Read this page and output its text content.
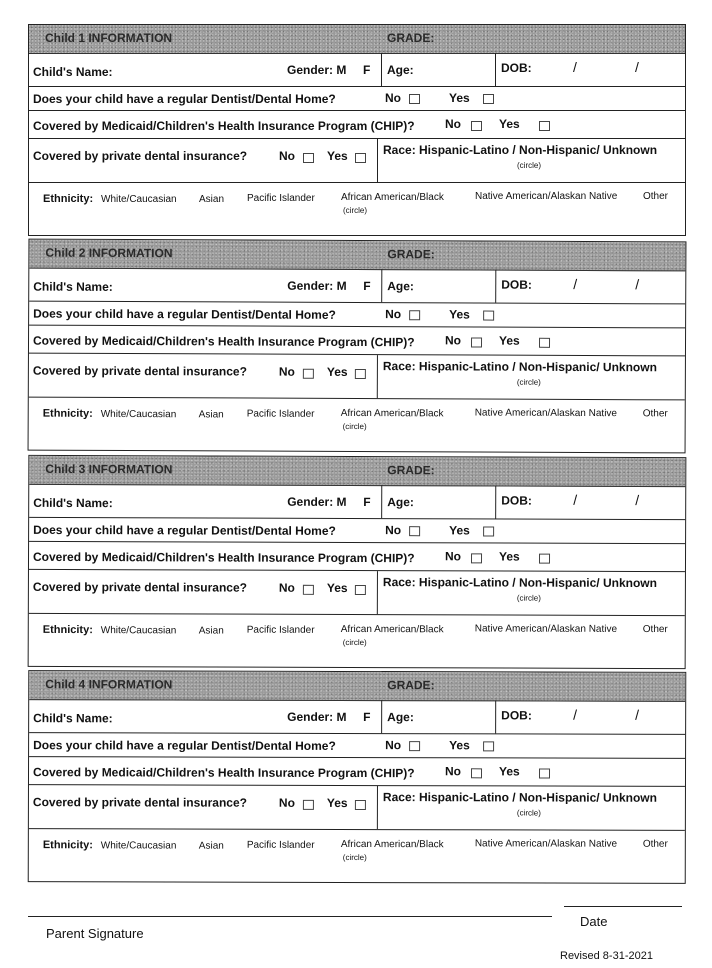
Child 1 INFORMATION	GRADE:
Child's Name:	Gender: M F Age:	DOB:	/	/
Does your child have a regular Dentist/Dental Home?	No	Yes
Covered by Medicaid/Children's Health Insurance Program (CHIP)?	No	Yes
Covered by private dental insurance?	No	Yes	Race: Hispanic-Latino / Non-Hispanic/ Unknown
(circle)
Ethnicity: White/Caucasian Asian Pacific Islander	African American/Black
(circle)
Native American/Alaskan Native	Other
Child 2 INFORMATION	GRADE:
Child's Name:	Gender: M F Age:	DOB:	/	/
Does your child have a regular Dentist/Dental Home?	No	Yes
Covered by Medicaid/Children's Health Insurance Program (CHIP)?	No	Yes
Covered by private dental insurance?	No	Yes	Race: Hispanic-Latino / Non-Hispanic/ Unknown
(circle)
Ethnicity: White/Caucasian Asian Pacific Islander	African American/Black
(circle)
Native American/Alaskan Native	Other
Child 3 INFORMATION	GRADE:
Child's Name:	Gender: M F Age:	DOB:	/	/
Does your child have a regular Dentist/Dental Home?	No	Yes
Covered by Medicaid/Children's Health Insurance Program (CHIP)?	No	Yes
Covered by private dental insurance?	No	Yes	Race: Hispanic-Latino / Non-Hispanic/ Unknown
(circle)
Ethnicity: White/Caucasian Asian Pacific Islander	African American/Black
(circle)
Native American/Alaskan Native	Other
Child 4 INFORMATION	GRADE:
Child's Name:	Gender: M F Age:	DOB:	/	/
Does your child have a regular Dentist/Dental Home?	No	Yes
Covered by Medicaid/Children's Health Insurance Program (CHIP)?	No	Yes
Covered by private dental insurance?	No	Yes	Race: Hispanic-Latino / Non-Hispanic/ Unknown
(circle)
Ethnicity: White/Caucasian Asian Pacific Islander	African American/Black
(circle)
Native American/Alaskan Native	Other
Parent Signature
Date
Revised 8-31-2021
